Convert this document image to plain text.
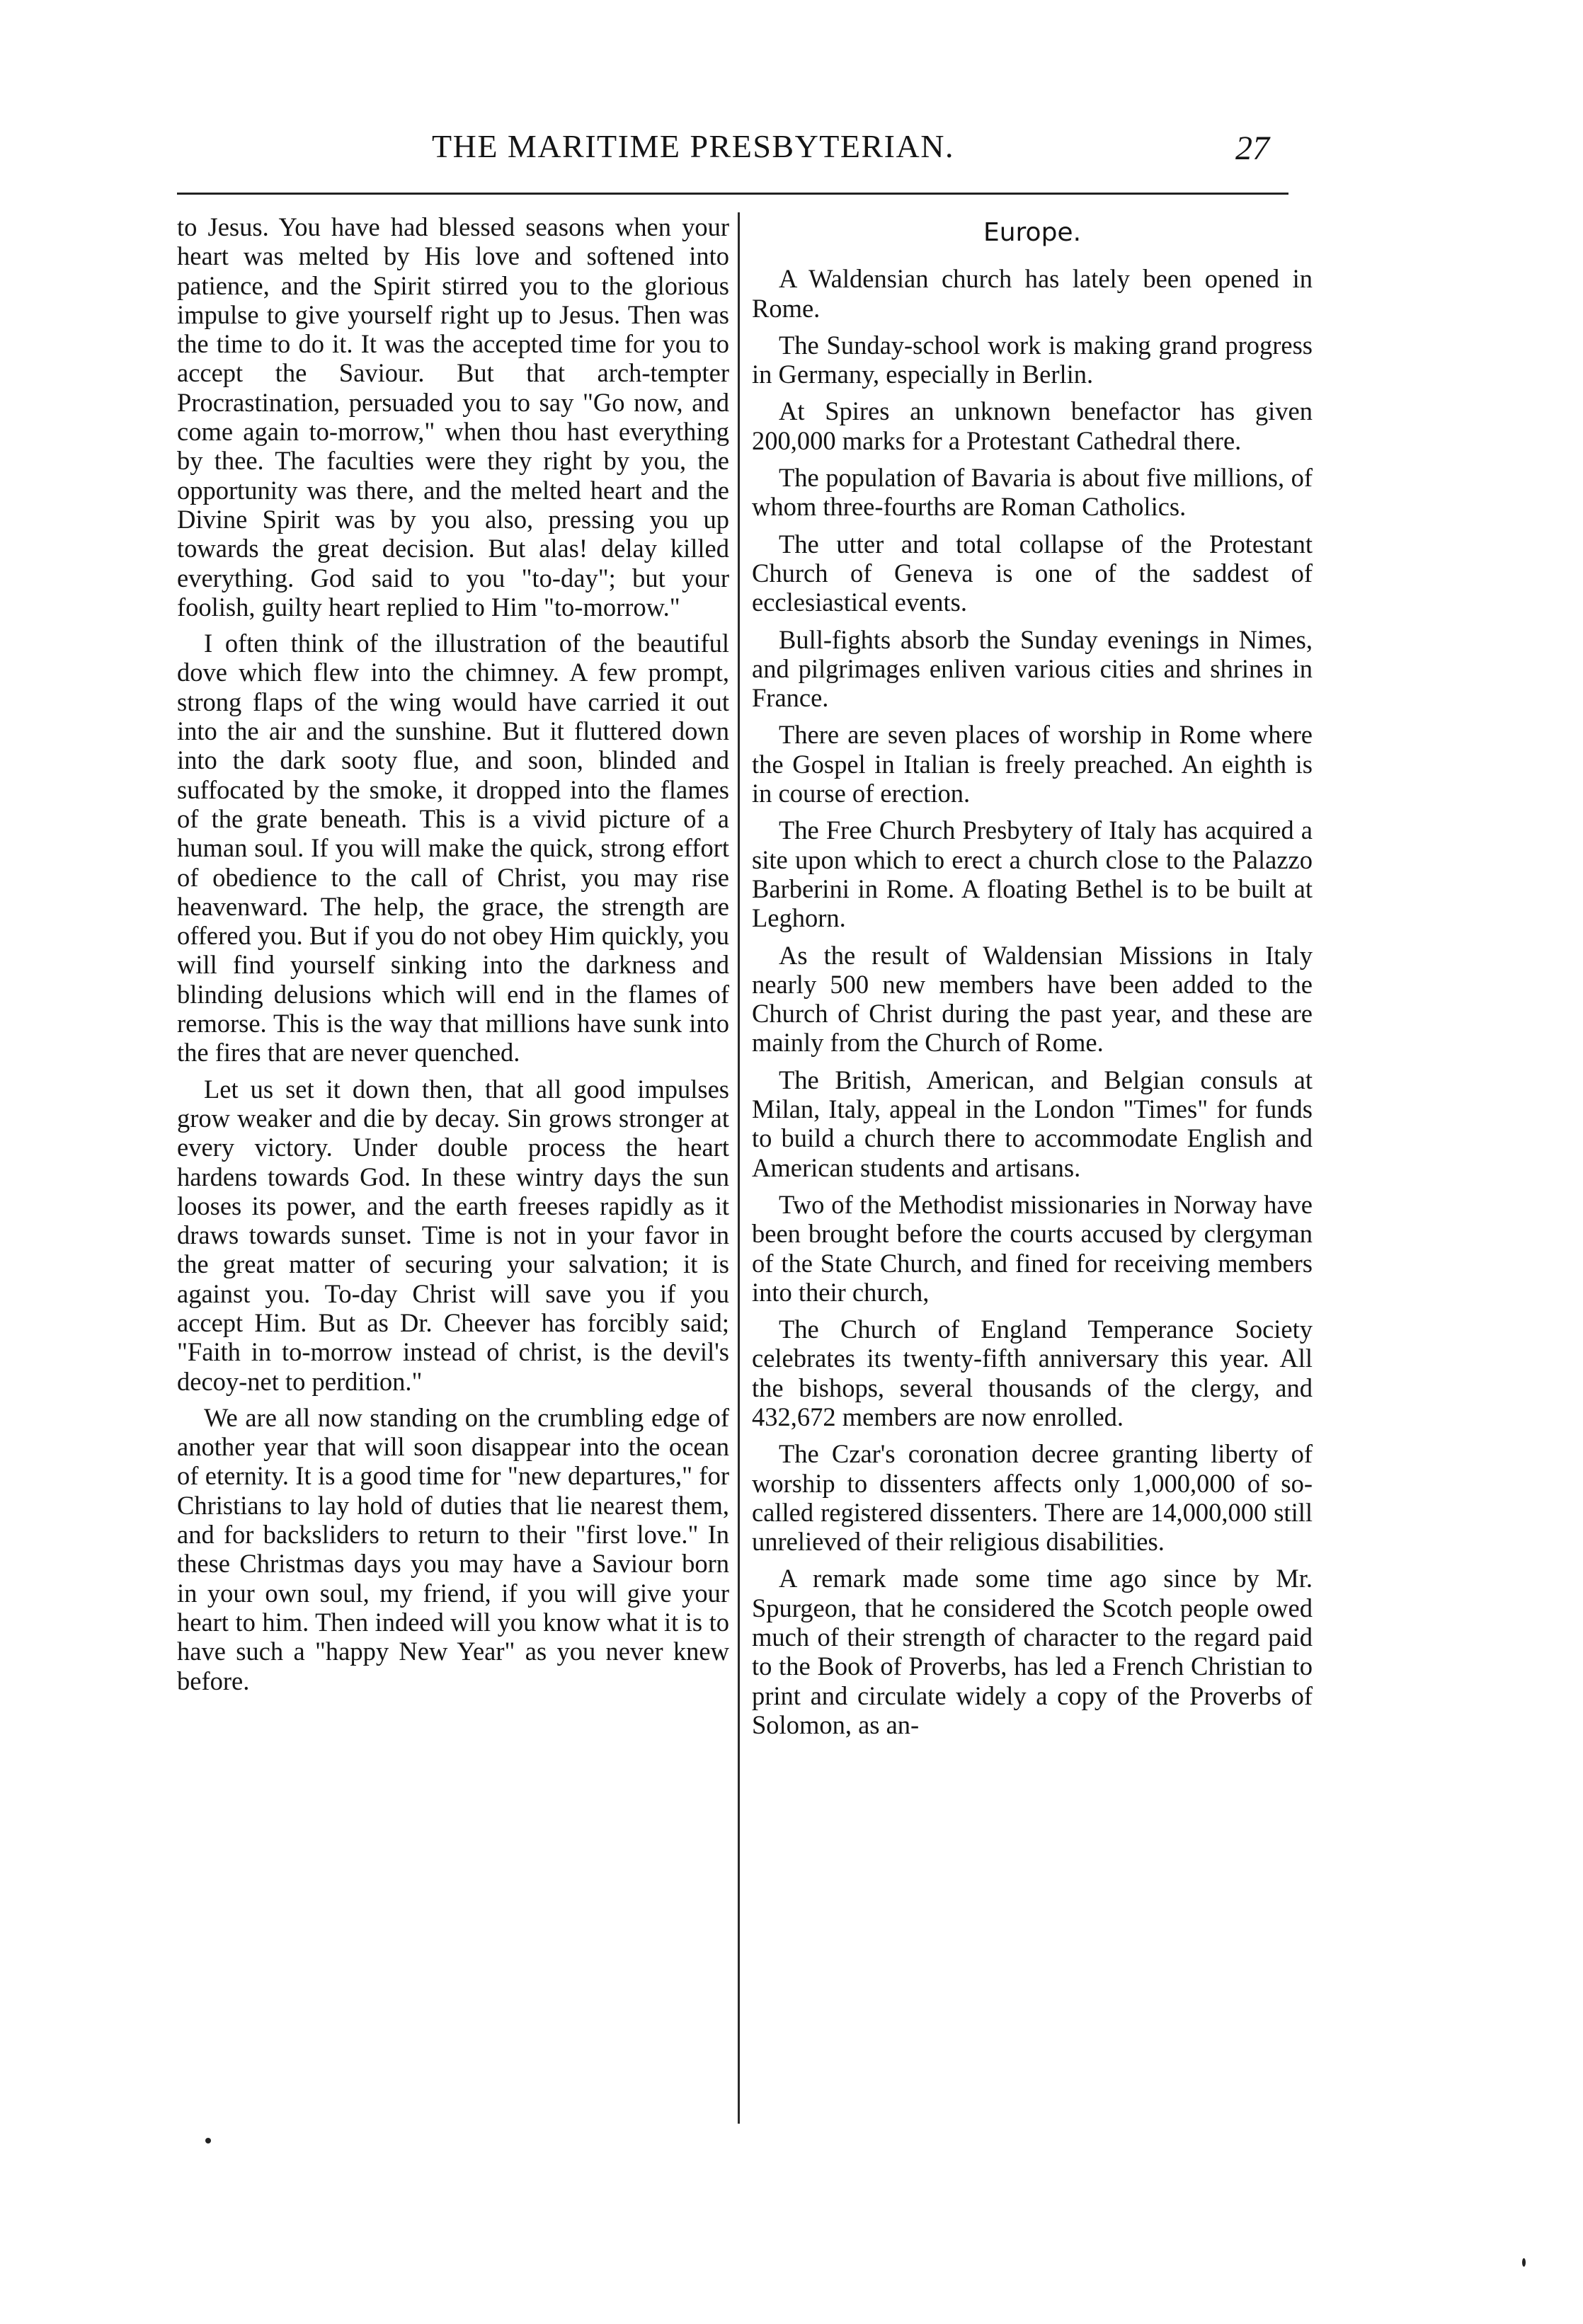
THE MARITIME PRESBYTERIAN.	27

to Jesus. You have had blessed seasons when your heart was melted by His love and softened into patience, and the Spirit stirred you to the glorious impulse to give yourself right up to Jesus. Then was the time to do it. It was the accepted time for you to accept the Saviour. But that arch-tempter Procrastination, persuaded you to say "Go now, and come again to-morrow," when thou hast everything by thee. The faculties were they right by you, the opportunity was there, and the melted heart and the Divine Spirit was by you also, pressing you up towards the great decision. But alas! delay killed everything. God said to you "to-day"; but your foolish, guilty heart replied to Him "to-morrow."

I often think of the illustration of the beautiful dove which flew into the chimney. A few prompt, strong flaps of the wing would have carried it out into the air and the sunshine. But it fluttered down into the dark sooty flue, and soon, blinded and suffocated by the smoke, it dropped into the flames of the grate beneath. This is a vivid picture of a human soul. If you will make the quick, strong effort of obedience to the call of Christ, you may rise heavenward. The help, the grace, the strength are offered you. But if you do not obey Him quickly, you will find yourself sinking into the darkness and blinding delusions which will end in the flames of remorse. This is the way that millions have sunk into the fires that are never quenched.

Let us set it down then, that all good impulses grow weaker and die by decay. Sin grows stronger at every victory. Under double process the heart hardens towards God. In these wintry days the sun looses its power, and the earth freeses rapidly as it draws towards sunset. Time is not in your favor in the great matter of securing your salvation; it is against you. To-day Christ will save you if you accept Him. But as Dr. Cheever has forcibly said; "Faith in to-morrow instead of christ, is the devil's decoy-net to perdition."

We are all now standing on the crumbling edge of another year that will soon disappear into the ocean of eternity. It is a good time for "new departures," for Christians to lay hold of duties that lie nearest them, and for backsliders to return to their "first love." In these Christmas days you may have a Saviour born in your own soul, my friend, if you will give your heart to him. Then indeed will you know what it is to have such a "happy New Year" as you never knew before.

Europe.

A Waldensian church has lately been opened in Rome.

The Sunday-school work is making grand progress in Germany, especially in Berlin.

At Spires an unknown benefactor has given 200,000 marks for a Protestant Cathedral there.

The population of Bavaria is about five millions, of whom three-fourths are Roman Catholics.

The utter and total collapse of the Protestant Church of Geneva is one of the saddest of ecclesiastical events.

Bull-fights absorb the Sunday evenings in Nimes, and pilgrimages enliven various cities and shrines in France.

There are seven places of worship in Rome where the Gospel in Italian is freely preached. An eighth is in course of erection.

The Free Church Presbytery of Italy has acquired a site upon which to erect a church close to the Palazzo Barberini in Rome. A floating Bethel is to be built at Leghorn.

As the result of Waldensian Missions in Italy nearly 500 new members have been added to the Church of Christ during the past year, and these are mainly from the Church of Rome.

The British, American, and Belgian consuls at Milan, Italy, appeal in the London "Times" for funds to build a church there to accommodate English and American students and artisans.

Two of the Methodist missionaries in Norway have been brought before the courts accused by clergyman of the State Church, and fined for receiving members into their church,

The Church of England Temperance Society celebrates its twenty-fifth anniversary this year. All the bishops, several thousands of the clergy, and 432,672 members are now enrolled.

The Czar's coronation decree granting liberty of worship to dissenters affects only 1,000,000 of so-called registered dissenters. There are 14,000,000 still unrelieved of their religious disabilities.

A remark made some time ago since by Mr. Spurgeon, that he considered the Scotch people owed much of their strength of character to the regard paid to the Book of Proverbs, has led a French Christian to print and circulate widely a copy of the Proverbs of Solomon, as an-
